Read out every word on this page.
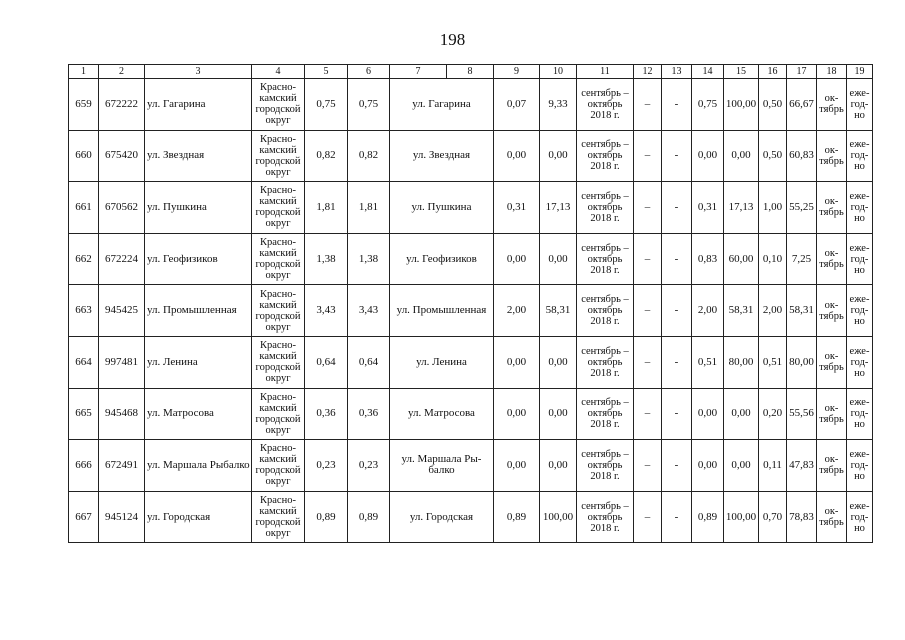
198
1	2	3	4	5	6	7	8	9	10	11	12	13	14	15	16	17	18	19
659	672222	ул. Гагарина	Красно-камский городской округ	0,75	0,75	ул. Гагарина		0,07	9,33	сентябрь – октябрь 2018 г.	–	-	0,75	100,00	0,50	66,67	ок-тябрь	еже-год-но
660	675420	ул. Звездная	Красно-камский городской округ	0,82	0,82	ул. Звездная		0,00	0,00	сентябрь – октябрь 2018 г.	–	-	0,00	0,00	0,50	60,83	ок-тябрь	еже-год-но
661	670562	ул. Пушкина	Красно-камский городской округ	1,81	1,81	ул. Пушкина		0,31	17,13	сентябрь – октябрь 2018 г.	–	-	0,31	17,13	1,00	55,25	ок-тябрь	еже-год-но
662	672224	ул. Геофизиков	Красно-камский городской округ	1,38	1,38	ул. Геофизиков		0,00	0,00	сентябрь – октябрь 2018 г.	–	-	0,83	60,00	0,10	7,25	ок-тябрь	еже-год-но
663	945425	ул. Промышленная	Красно-камский городской округ	3,43	3,43	ул. Промышленная		2,00	58,31	сентябрь – октябрь 2018 г.	–	-	2,00	58,31	2,00	58,31	ок-тябрь	еже-год-но
664	997481	ул. Ленина	Красно-камский городской округ	0,64	0,64	ул. Ленина		0,00	0,00	сентябрь – октябрь 2018 г.	–	-	0,51	80,00	0,51	80,00	ок-тябрь	еже-год-но
665	945468	ул. Матросова	Красно-камский городской округ	0,36	0,36	ул. Матросова		0,00	0,00	сентябрь – октябрь 2018 г.	–	-	0,00	0,00	0,20	55,56	ок-тябрь	еже-год-но
666	672491	ул. Маршала Рыбалко	Красно-камский городской округ	0,23	0,23	ул. Маршала Ры-балко		0,00	0,00	сентябрь – октябрь 2018 г.	–	-	0,00	0,00	0,11	47,83	ок-тябрь	еже-год-но
667	945124	ул. Городская	Красно-камский городской округ	0,89	0,89	ул. Городская		0,89	100,00	сентябрь – октябрь 2018 г.	–	-	0,89	100,00	0,70	78,83	ок-тябрь	еже-год-но
